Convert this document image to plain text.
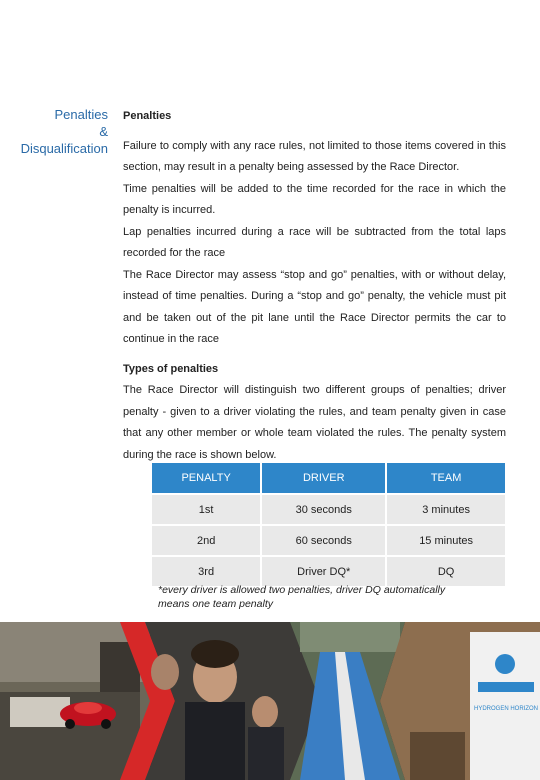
Penalties
&
Disqualification

Penalties

Failure to comply with any race rules, not limited to those items covered in this section, may result in a penalty being assessed by the Race Director.

Time penalties will be added to the time recorded for the race in which the penalty is incurred.

Lap penalties incurred during a race will be subtracted from the total laps recorded for the race

The Race Director may assess “stop and go” penalties, with or without delay, instead of time penalties. During a “stop and go” penalty, the vehicle must pit and be taken out of the pit lane until the Race Director permits the car to continue in the race

Types of penalties

The Race Director will distinguish two different groups of penalties; driver penalty - given to a driver violating the rules, and team penalty given in case that any other member or whole team violated the rules. The penalty system during the race is shown below.

PENALTY	DRIVER	TEAM
1st	30 seconds	3 minutes
2nd	60 seconds	15 minutes
3rd	Driver DQ*	DQ
*every driver is allowed two penalties, driver DQ automatically means one team penalty
HYDROGEN HORIZON
